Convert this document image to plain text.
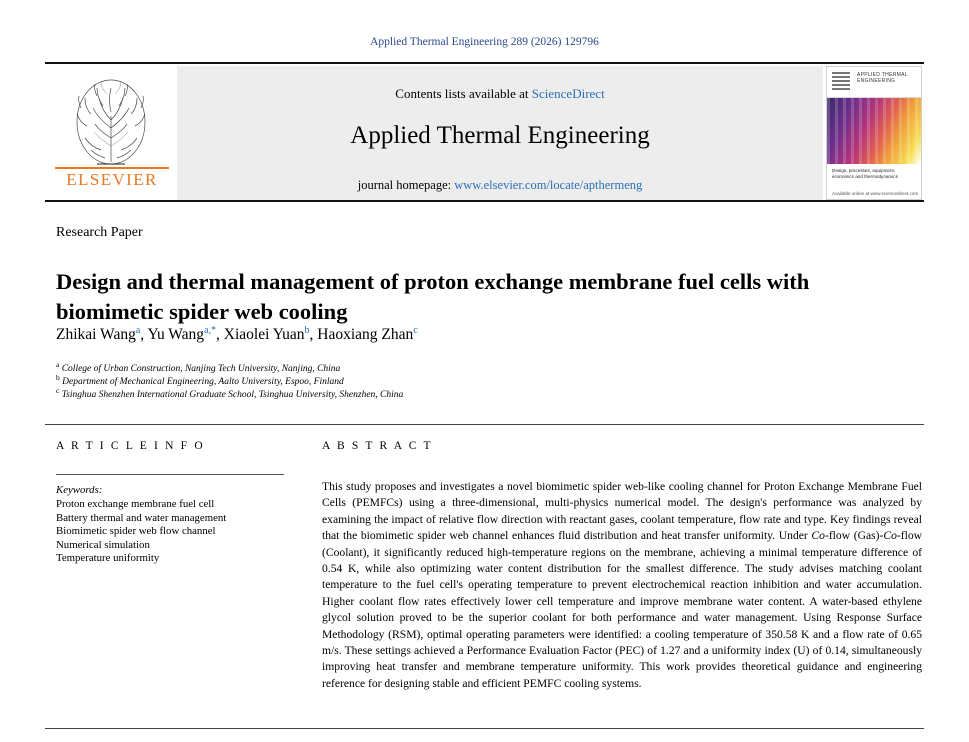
Applied Thermal Engineering 289 (2026) 129796
ELSEVIER
Contents lists available at ScienceDirect
Applied Thermal Engineering
journal homepage: www.elsevier.com/locate/apthermeng
APPLIED THERMAL ENGINEERING
Design, processes, equipment, economics and thermodynamics
Available online at www.sciencedirect.com
Research Paper
Design and thermal management of proton exchange membrane fuel cells with biomimetic spider web cooling
Zhikai Wang$^a$, Yu Wang$^{a,*}$, Xiaolei Yuan$^b$, Haoxiang Zhan$^c$
$^a$ College of Urban Construction, Nanjing Tech University, Nanjing, China
$^b$ Department of Mechanical Engineering, Aalto University, Espoo, Finland
$^c$ Tsinghua Shenzhen International Graduate School, Tsinghua University, Shenzhen, China
A R T I C L E I N F O
Keywords:
Proton exchange membrane fuel cell
Battery thermal and water management
Biomimetic spider web flow channel
Numerical simulation
Temperature uniformity
A B S T R A C T
This study proposes and investigates a novel biomimetic spider web-like cooling channel for Proton Exchange Membrane Fuel Cells (PEMFCs) using a three-dimensional, multi-physics numerical model. The design's performance was analyzed by examining the impact of relative flow direction with reactant gases, coolant temperature, flow rate and type. Key findings reveal that the biomimetic spider web channel enhances fluid distribution and heat transfer uniformity. Under Co-flow (Gas)-Co-flow (Coolant), it significantly reduced high-temperature regions on the membrane, achieving a minimal temperature difference of 0.54 K, while also optimizing water content distribution for the smallest difference. The study advises matching coolant temperature to the fuel cell's operating temperature to prevent electrochemical reaction inhibition and water accumulation. Higher coolant flow rates effectively lower cell temperature and improve membrane water content. A water-based ethylene glycol solution proved to be the superior coolant for both performance and water management. Using Response Surface Methodology (RSM), optimal operating parameters were identified: a cooling temperature of 350.58 K and a flow rate of 0.65 m/s. These settings achieved a Performance Evaluation Factor (PEC) of 1.27 and a uniformity index (U) of 0.14, simultaneously improving heat transfer and membrane temperature uniformity. This work provides theoretical guidance and engineering reference for designing stable and efficient PEMFC cooling systems.
